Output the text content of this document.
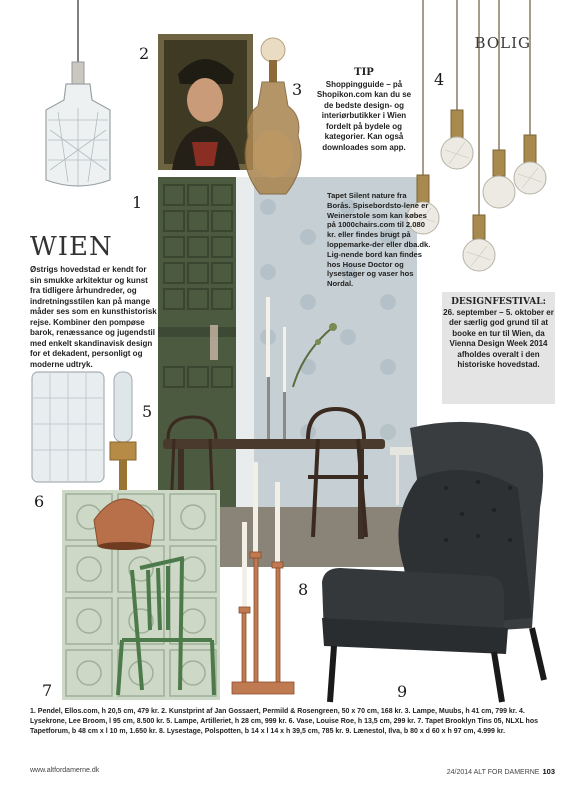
1
2
3
4
5
6
7
8
9
BOLIG
WIEN

Østrigs hovedstad er kendt for sin smukke arkitektur og kunst fra tidligere århundreder, og indretningsstilen kan på mange måder ses som en kunsthistorisk rejse. Kombiner den pompøse barok, renæssance og jugendstil med enkelt skandinavisk design for et dekadent, personligt og moderne udtryk.

TIP
Shoppingguide – på Shopikon.com kan du se de bedste design- og interiørbutikker i Wien fordelt på bydele og kategorier. Kan også downloades som app.

Tapet Silent nature fra Borås. Spisebordsto-lene er Weinerstole som kan købes på 1000chairs.com til 2.080 kr. eller findes brugt på loppemarke-der eller dba.dk. Lig-nende bord kan findes hos House Doctor og lysestager og vaser hos Nordal.

DESIGNFESTIVAL:
26. september – 5. oktober er der særlig god grund til at booke en tur til Wien, da Vienna Design Week 2014 afholdes overalt i den historiske hovedstad.

1. Pendel, Ellos.com, h 20,5 cm, 479 kr. 2. Kunstprint af Jan Gossaert, Permild & Rosengreen, 50 x 70 cm, 168 kr. 3. Lampe, Muubs, h 41 cm, 799 kr. 4. Lysekrone, Lee Broom, l 95 cm, 8.500 kr. 5. Lampe, Artilleriet, h 28 cm, 999 kr. 6. Vase, Louise Roe, h 13,5 cm, 299 kr. 7. Tapet Brooklyn Tins 05, NLXL hos Tapetforum, b 48 cm x l 10 m, 1.650 kr. 8. Lysestage, Polspotten, b 14 x l 14 x h 39,5 cm, 785 kr. 9. Lænestol, Ilva, b 80 x d 60 x h 97 cm, 4.999 kr.

www.altfordamerne.dk	24/2014 ALT FOR DAMERNE 103
